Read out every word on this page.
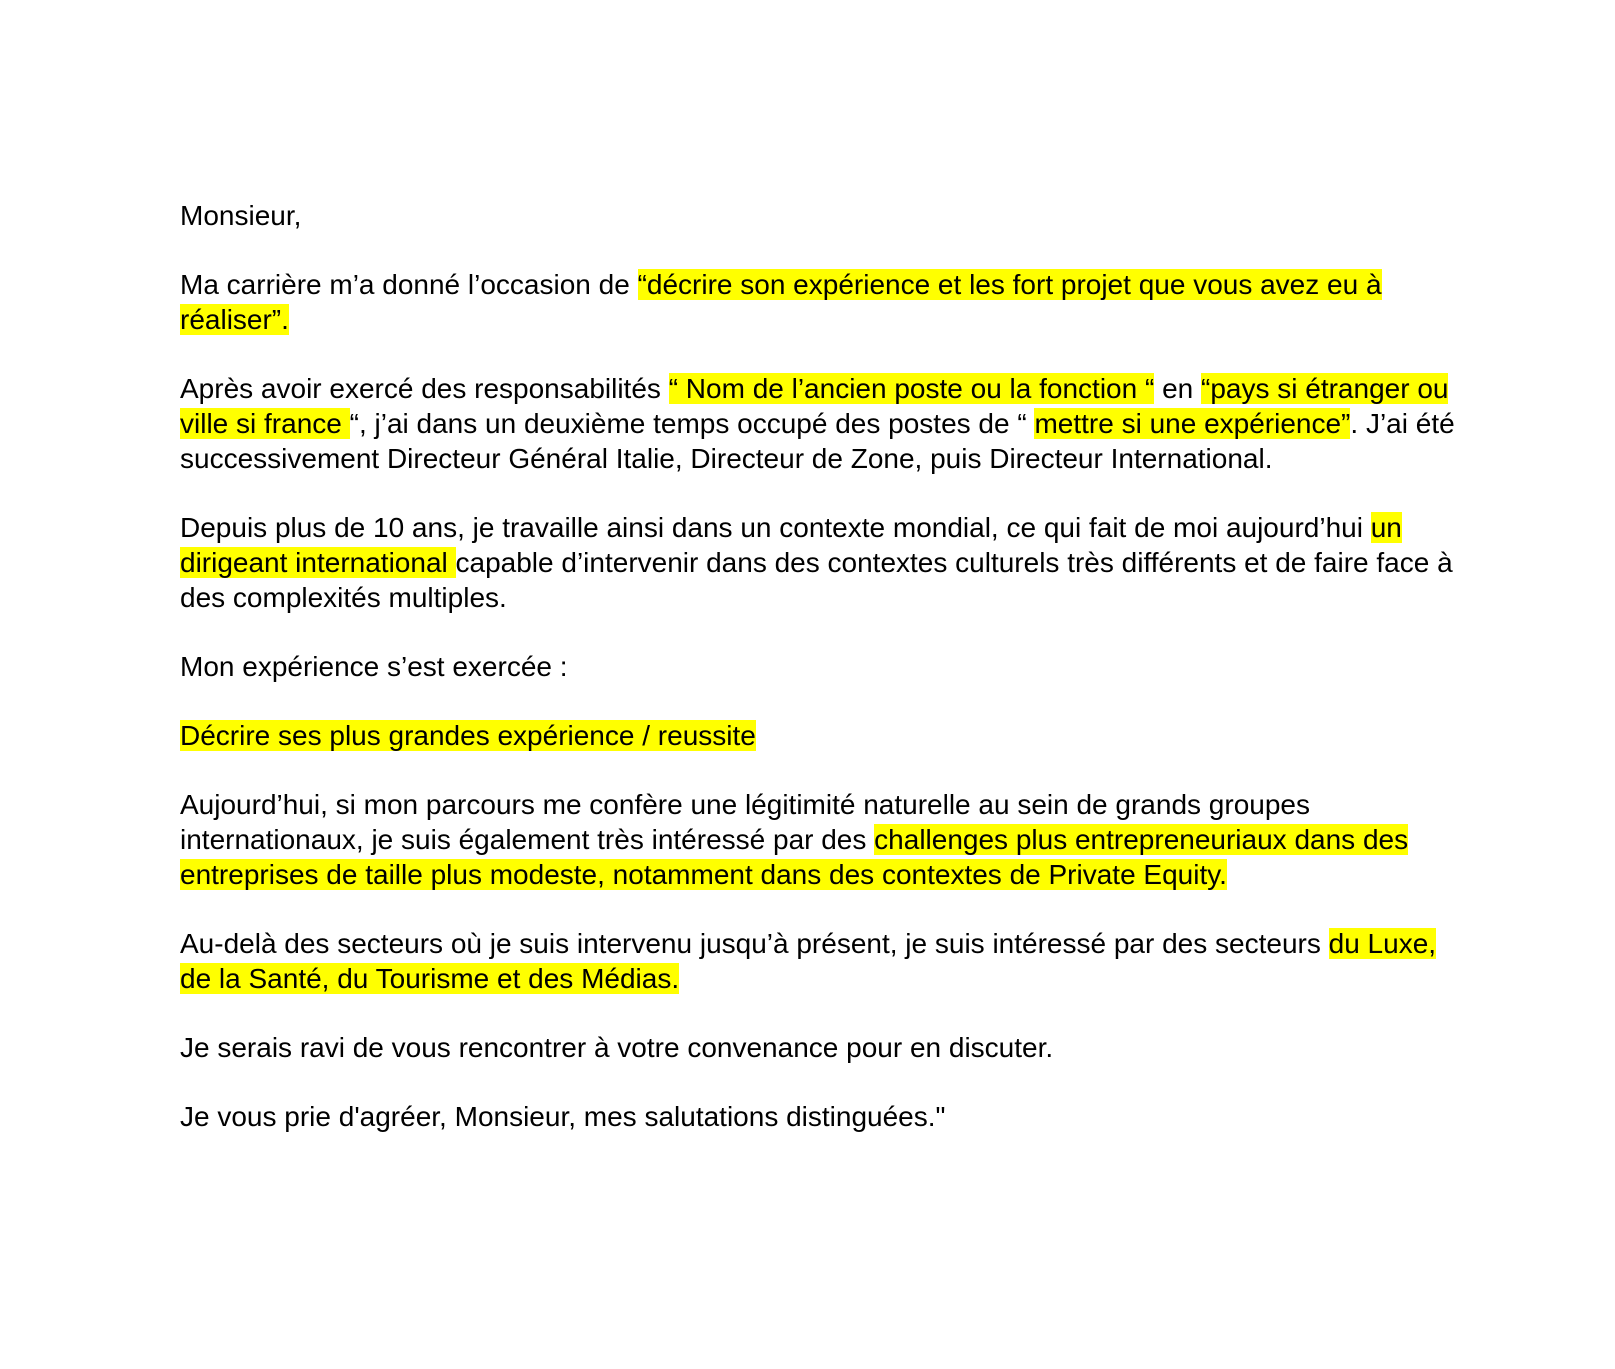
Monsieur,

Ma carrière m’a donné l’occasion de “décrire son expérience et les fort projet que vous avez eu à réaliser”.

Après avoir exercé des responsabilités “ Nom de l’ancien poste ou la fonction “ en “pays si étranger ou ville si france “, j’ai dans un deuxième temps occupé des postes de “ mettre si une expérience”. J’ai été successivement Directeur Général Italie, Directeur de Zone, puis Directeur International.

Depuis plus de 10 ans, je travaille ainsi dans un contexte mondial, ce qui fait de moi aujourd’hui un dirigeant international capable d’intervenir dans des contextes culturels très différents et de faire face à des complexités multiples.

Mon expérience s’est exercée :

Décrire ses plus grandes expérience / reussite

Aujourd’hui, si mon parcours me confère une légitimité naturelle au sein de grands groupes internationaux, je suis également très intéressé par des challenges plus entrepreneuriaux dans des entreprises de taille plus modeste, notamment dans des contextes de Private Equity.

Au-delà des secteurs où je suis intervenu jusqu’à présent, je suis intéressé par des secteurs du Luxe, de la Santé, du Tourisme et des Médias.

Je serais ravi de vous rencontrer à votre convenance pour en discuter.

Je vous prie d'agréer, Monsieur, mes salutations distinguées."
